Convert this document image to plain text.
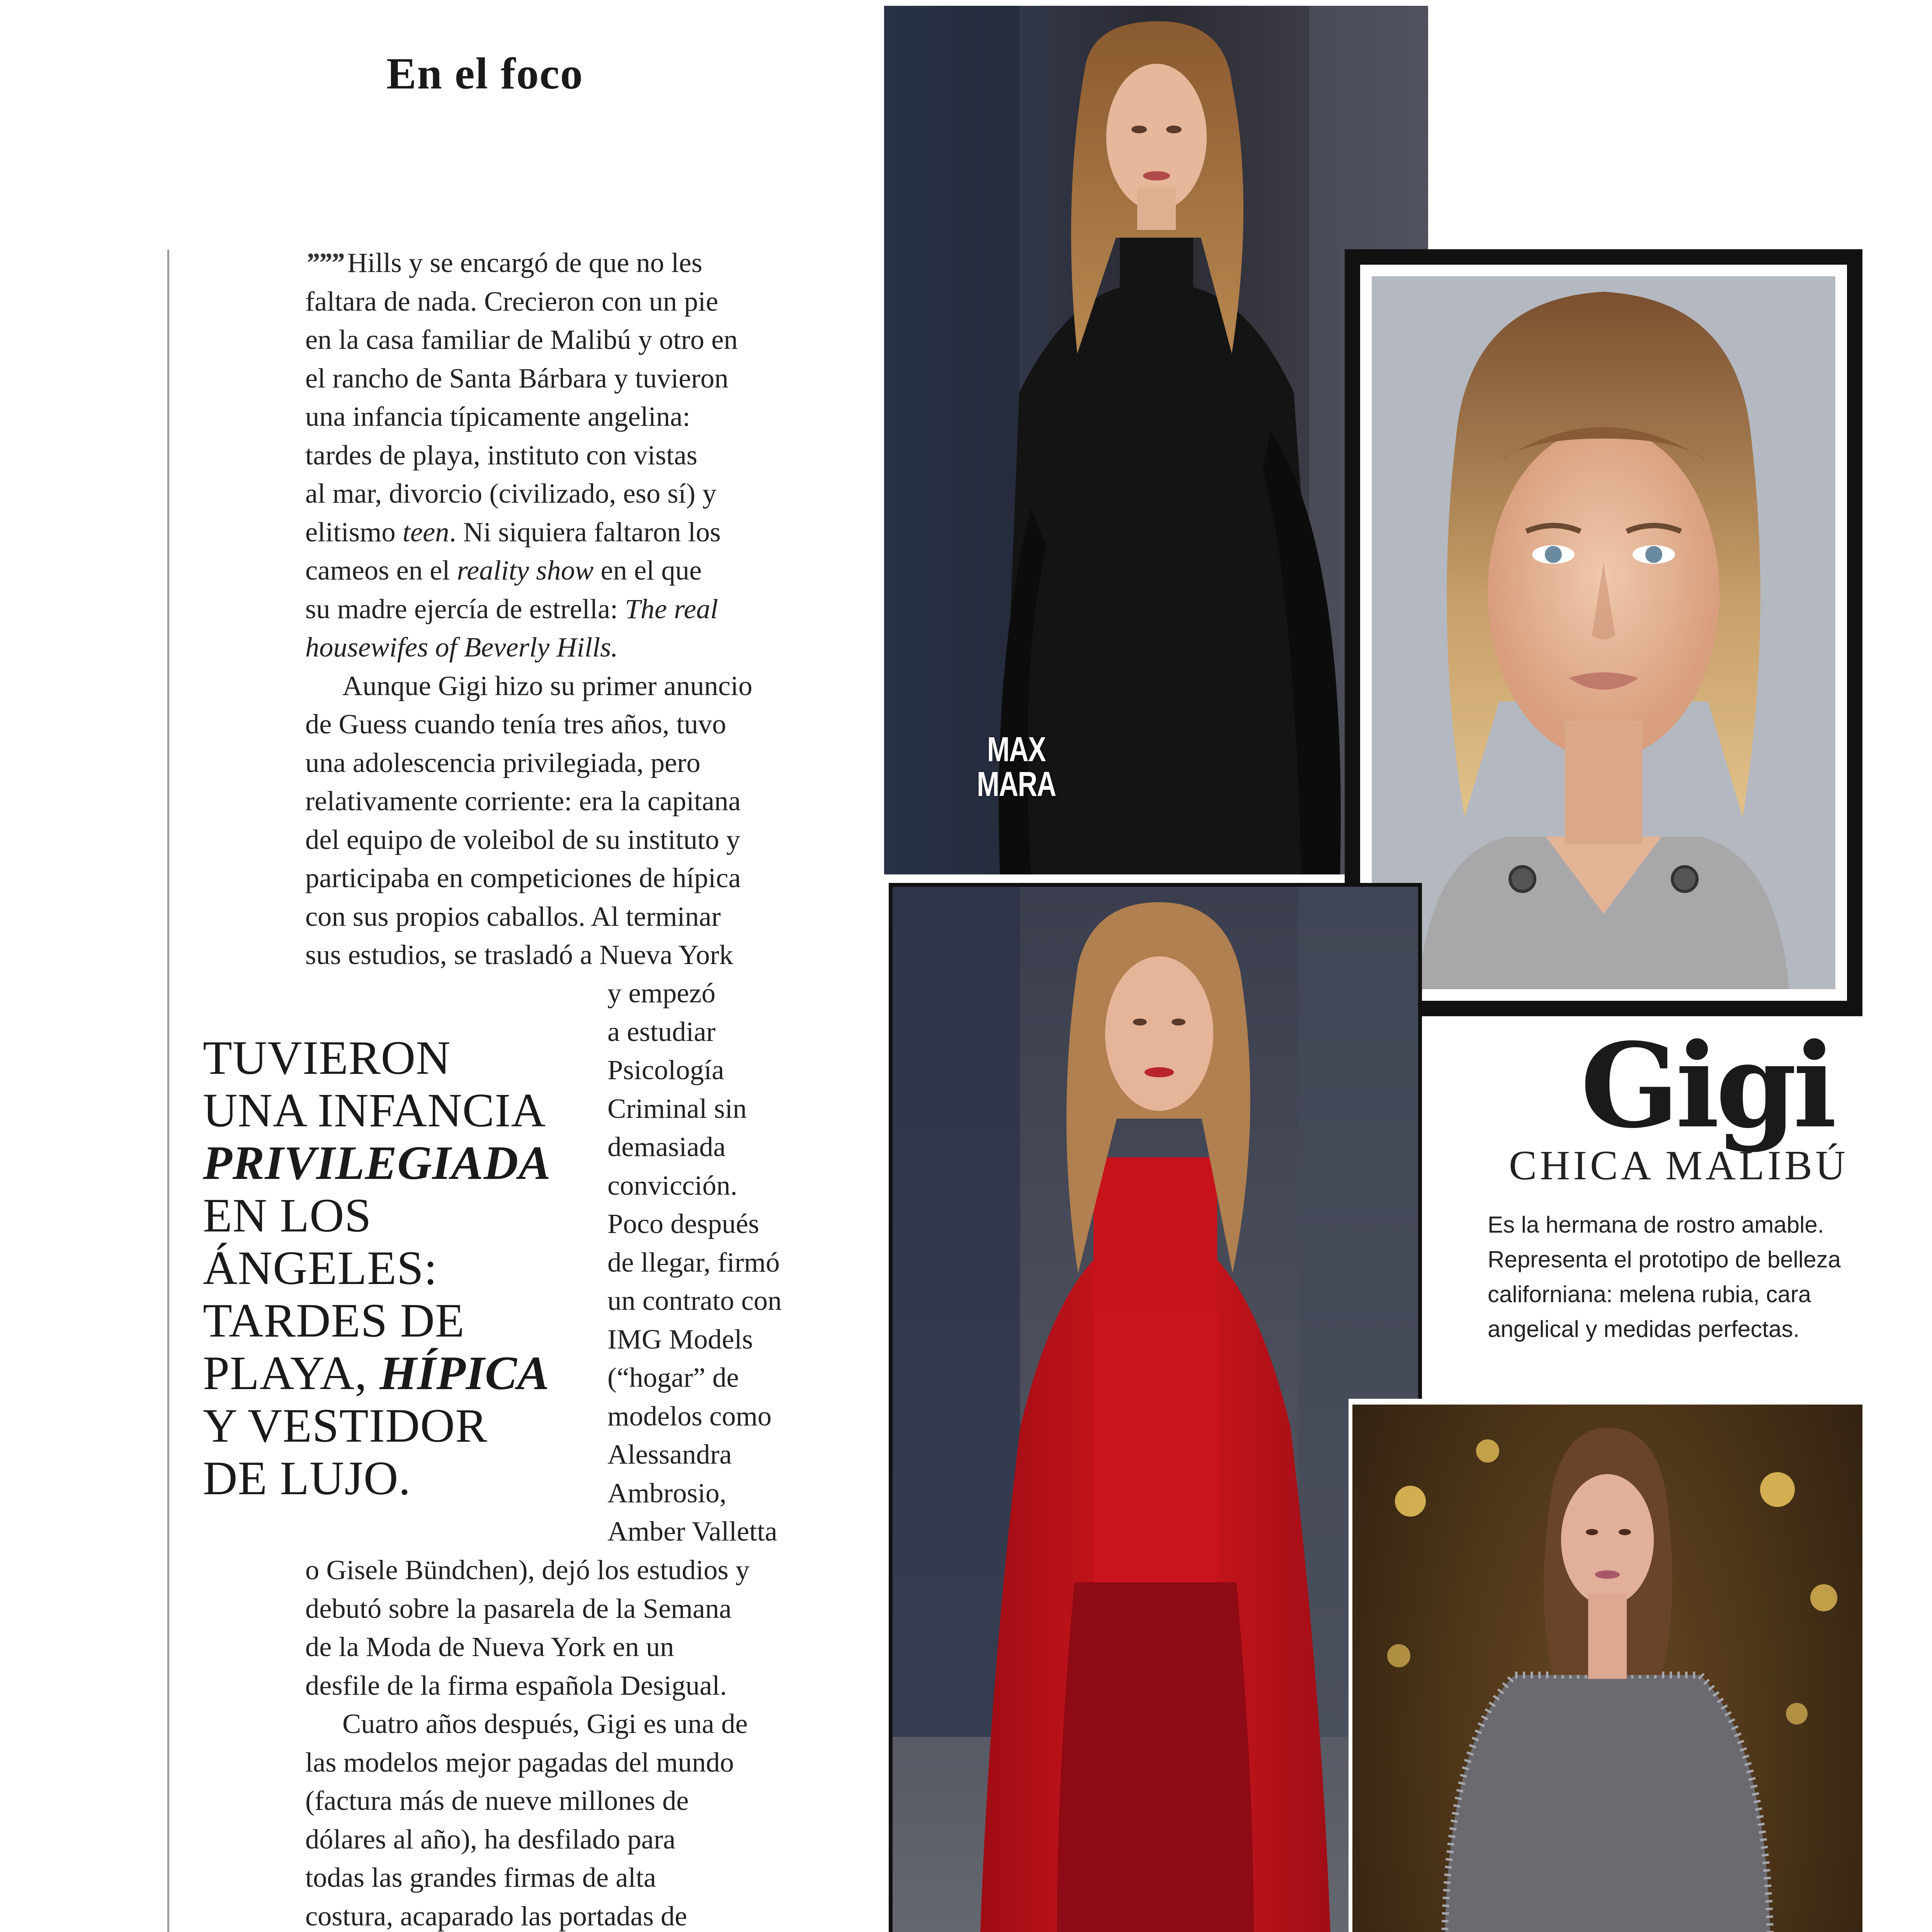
En el foco
””” Hills y se encargó de que no les
faltara de nada. Crecieron con un pie
en la casa familiar de Malibú y otro en
el rancho de Santa Bárbara y tuvieron
una infancia típicamente angelina:
tardes de playa, instituto con vistas
al mar, divorcio (civilizado, eso sí) y
elitismo teen. Ni siquiera faltaron los
cameos en el reality show en el que
su madre ejercía de estrella: The real
housewifes of Beverly Hills.
Aunque Gigi hizo su primer anuncio
de Guess cuando tenía tres años, tuvo
una adolescencia privilegiada, pero
relativamente corriente: era la capitana
del equipo de voleibol de su instituto y
participaba en competiciones de hípica
con sus propios caballos. Al terminar
sus estudios, se trasladó a Nueva York
y empezó
a estudiar
Psicología
Criminal sin
demasiada
convicción.
Poco después
de llegar, firmó
un contrato con
IMG Models
(“hogar” de
modelos como
Alessandra
Ambrosio,
Amber Valletta
o Gisele Bündchen), dejó los estudios y
debutó sobre la pasarela de la Semana
de la Moda de Nueva York en un
desfile de la firma española Desigual.
Cuatro años después, Gigi es una de
las modelos mejor pagadas del mundo
(factura más de nueve millones de
dólares al año), ha desfilado para
todas las grandes firmas de alta
costura, acaparado las portadas de
TUVIERON
UNA INFANCIA
PRIVILEGIADA
EN LOS
ÁNGELES:
TARDES DE
PLAYA, HÍPICA
Y VESTIDOR
DE LUJO.
MAX
MARA
Gigi
CHICA MALIBÚ
Es la hermana de rostro amable.
Representa el prototipo de belleza
californiana: melena rubia, cara
angelical y medidas perfectas.
